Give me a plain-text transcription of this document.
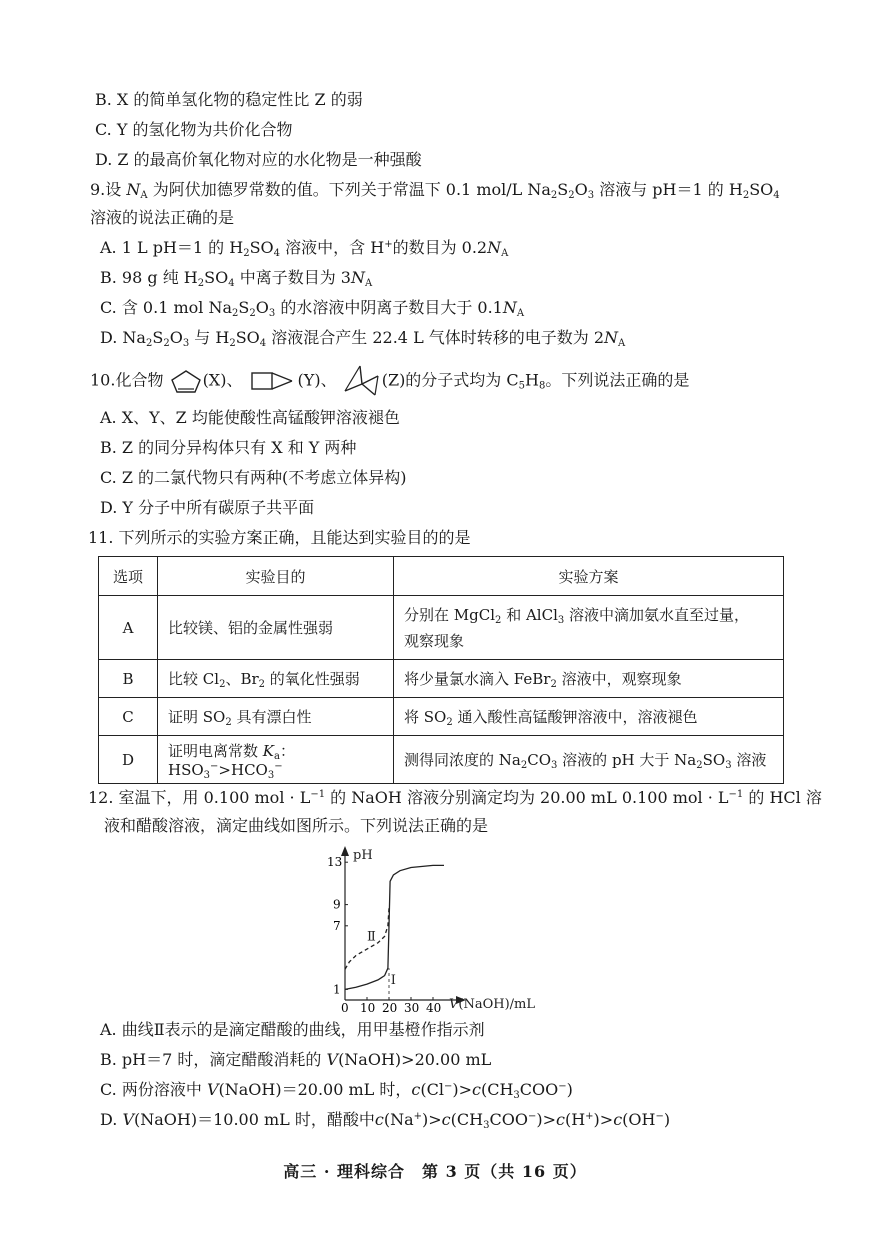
B. X 的简单氢化物的稳定性比 Z 的弱
C. Y 的氢化物为共价化合物
D. Z 的最高价氧化物对应的水化物是一种强酸
9.设 $N_A$ 为阿伏加德罗常数的值。下列关于常温下 0.1 mol/L $Na_2S_2O_3$ 溶液与 pH＝1 的 $H_2SO_4$
溶液的说法正确的是
A. 1 L pH＝1 的 $H_2SO_4$ 溶液中，含 H+的数目为 $0.2N_A$
B. 98 g 纯 $H_2SO_4$ 中离子数目为 $3N_A$
C. 含 0.1 mol $Na_2S_2O_3$ 的水溶液中阴离子数目大于 $0.1N_A$
D. $Na_2S_2O_3$ 与 $H_2SO_4$ 溶液混合产生 22.4 L 气体时转移的电子数为 $2N_A$
10.化合物 (X)、	(Y)、	(Z)的分子式均为 $C_5H_8$。下列说法正确的是
A. X、Y、Z 均能使酸性高锰酸钾溶液褪色
B. Z 的同分异构体只有 X 和 Y 两种
C. Z 的二氯代物只有两种(不考虑立体异构)
D. Y 分子中所有碳原子共平面
11. 下列所示的实验方案正确，且能达到实验目的的是
选项	实验目的	实验方案
A	比较镁、铝的金属性强弱	分别在 MgCl$_2$ 和 AlCl$_3$ 溶液中滴加氨水直至过量，
观察现象
B	比较 $Cl_2$、$Br_2$ 的氧化性强弱	将少量氯水滴入 FeBr$_2$ 溶液中，观察现象
C	证明 $SO_2$ 具有漂白性	将 $SO_2$ 通入酸性高锰酸钾溶液中，溶液褪色
D	证明电离常数 $K_a$：$HSO_3^->HCO_3^-$	测得同浓度的 $Na_2CO_3$ 溶液的 pH 大于 $Na_2SO_3$ 溶液
12. 室温下，用 0.100 mol · $L^{-1}$ 的 NaOH 溶液分别滴定均为 20.00 mL 0.100 mol · $L^{-1}$ 的 HCl 溶
液和醋酸溶液，滴定曲线如图所示。下列说法正确的是
pH
0 10 20 30 40
1
7
9
13
Ⅰ
Ⅱ
V(NaOH)/mL
A. 曲线Ⅱ表示的是滴定醋酸的曲线，用甲基橙作指示剂
B. pH＝7 时，滴定醋酸消耗的 V(NaOH)>20.00 mL
C. 两份溶液中 V(NaOH)＝20.00 mL 时，$c(Cl^-)>c(CH_3COO^-)$
D. V(NaOH)＝10.00 mL 时，醋酸中$c(Na^+)>c(CH_3COO^-)>c(H^+)>c(OH^-)$
高三 · 理科综合　第 3 页（共 16 页）
